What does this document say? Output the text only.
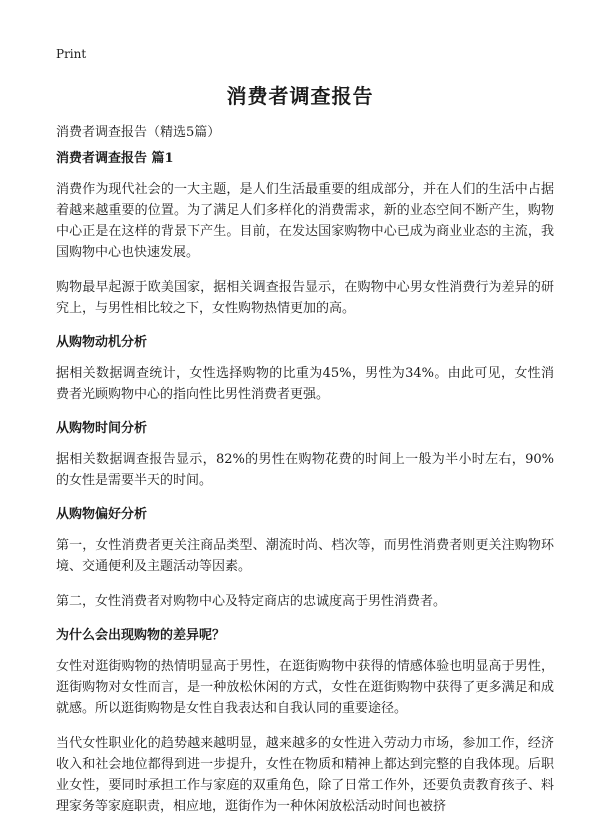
Print
消费者调查报告
消费者调查报告（精选5篇）
消费者调查报告 篇1

消费作为现代社会的一大主题，是人们生活最重要的组成部分，并在人们的生活中占据着越来越重要的位置。为了满足人们多样化的消费需求，新的业态空间不断产生，购物中心正是在这样的背景下产生。目前，在发达国家购物中心已成为商业业态的主流，我国购物中心也快速发展。

购物最早起源于欧美国家，据相关调查报告显示，在购物中心男女性消费行为差异的研究上，与男性相比较之下，女性购物热情更加的高。

从购物动机分析

据相关数据调查统计，女性选择购物的比重为45%，男性为34%。由此可见，女性消费者光顾购物中心的指向性比男性消费者更强。

从购物时间分析

据相关数据调查报告显示，82%的男性在购物花费的时间上一般为半小时左右，90%的女性是需要半天的时间。

从购物偏好分析

第一，女性消费者更关注商品类型、潮流时尚、档次等，而男性消费者则更关注购物环境、交通便利及主题活动等因素。

第二，女性消费者对购物中心及特定商店的忠诚度高于男性消费者。

为什么会出现购物的差异呢？

女性对逛街购物的热情明显高于男性，在逛街购物中获得的情感体验也明显高于男性，逛街购物对女性而言，是一种放松休闲的方式，女性在逛街购物中获得了更多满足和成就感。所以逛街购物是女性自我表达和自我认同的重要途径。

当代女性职业化的趋势越来越明显，越来越多的女性进入劳动力市场，参加工作，经济收入和社会地位都得到进一步提升，女性在物质和精神上都达到完整的自我体现。后职业女性，要同时承担工作与家庭的双重角色，除了日常工作外，还要负责教育孩子、料理家务等家庭职责，相应地，逛街作为一种休闲放松活动时间也被挤
